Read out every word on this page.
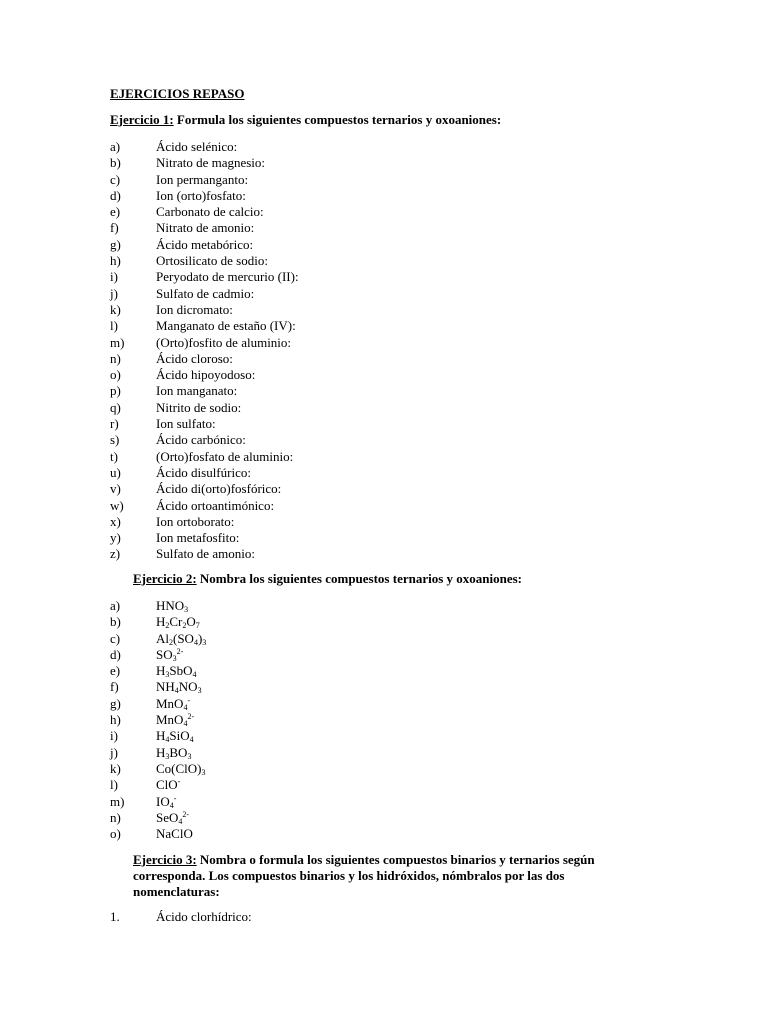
EJERCICIOS REPASO
Ejercicio 1: Formula los siguientes compuestos ternarios y oxoaniones:
a)	Ácido selénico:
b)	Nitrato de magnesio:
c)	Ion permanganto:
d)	Ion (orto)fosfato:
e)	Carbonato de calcio:
f)	Nitrato de amonio:
g)	Ácido metabórico:
h)	Ortosilicato de sodio:
i)	Peryodato de mercurio (II):
j)	Sulfato de cadmio:
k)	Ion dicromato:
l)	Manganato de estaño (IV):
m) (Orto)fosfito de aluminio:
n)	Ácido cloroso:
o)	Ácido hipoyodoso:
p)	Ion manganato:
q)	Nitrito de sodio:
r)	Ion sulfato:
s)	Ácido carbónico:
t)	(Orto)fosfato de aluminio:
u)	Ácido disulfúrico:
v)	Ácido di(orto)fosfórico:
w) Ácido ortoantimónico:
x)	Ion ortoborato:
y)	Ion metafosfito:
z)	Sulfato de amonio:
Ejercicio 2: Nombra los siguientes compuestos ternarios y oxoaniones:
a)	$HNO_3$
b)	$H_2Cr_2O_7$
c)	$Al_2(SO_4)_3$
d)	$SO_3^{2-}$
e)	$H_3SbO_4$
f)	$NH_4NO_3$
g)	MnO$_4$-
h)	MnO$_4^{2-}$
i)	$H_4SiO_4$
j)	$H_3BO_3$
k)	$Co(ClO)_3$
l)	ClO-
m) $IO_4^-$
n)	SeO$_4^{2-}$
o)	NaClO
Ejercicio 3: Nombra o formula los siguientes compuestos binarios y ternarios según corresponda. Los compuestos binarios y los hidróxidos, nómbralos por las dos nomenclaturas:
1.	Ácido clorhídrico:
